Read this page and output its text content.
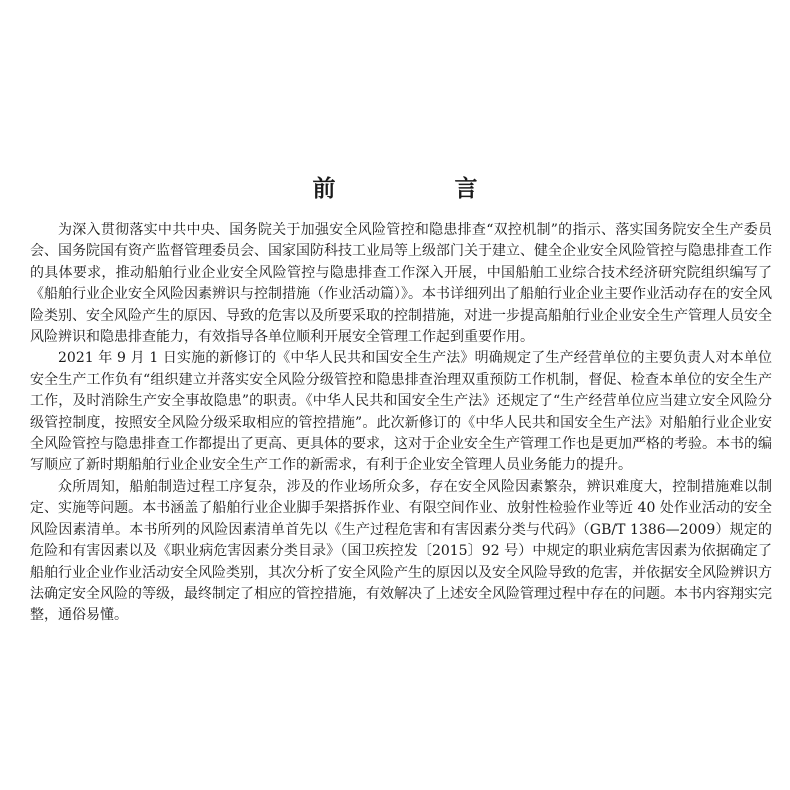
前　言

为深入贯彻落实中共中央、国务院关于加强安全风险管控和隐患排查“双控机制”的指示、落实国务院安全生产委员会、国务院国有资产监督管理委员会、国家国防科技工业局等上级部门关于建立、健全企业安全风险管控与隐患排查工作的具体要求，推动船舶行业企业安全风险管控与隐患排查工作深入开展，中国船舶工业综合技术经济研究院组织编写了《船舶行业企业安全风险因素辨识与控制措施（作业活动篇）》。本书详细列出了船舶行业企业主要作业活动存在的安全风险类别、安全风险产生的原因、导致的危害以及所要采取的控制措施，对进一步提高船舶行业企业安全生产管理人员安全风险辨识和隐患排查能力，有效指导各单位顺利开展安全管理工作起到重要作用。

2021 年 9 月 1 日实施的新修订的《中华人民共和国安全生产法》明确规定了生产经营单位的主要负责人对本单位安全生产工作负有“组织建立并落实安全风险分级管控和隐患排查治理双重预防工作机制，督促、检查本单位的安全生产工作，及时消除生产安全事故隐患”的职责。《中华人民共和国安全生产法》还规定了“生产经营单位应当建立安全风险分级管控制度，按照安全风险分级采取相应的管控措施”。此次新修订的《中华人民共和国安全生产法》对船舶行业企业安全风险管控与隐患排查工作都提出了更高、更具体的要求，这对于企业安全生产管理工作也是更加严格的考验。本书的编写顺应了新时期船舶行业企业安全生产工作的新需求，有利于企业安全管理人员业务能力的提升。

众所周知，船舶制造过程工序复杂，涉及的作业场所众多，存在安全风险因素繁杂，辨识难度大，控制措施难以制定、实施等问题。本书涵盖了船舶行业企业脚手架搭拆作业、有限空间作业、放射性检验作业等近 40 处作业活动的安全风险因素清单。本书所列的风险因素清单首先以《生产过程危害和有害因素分类与代码》（GB/T 1386—2009）规定的危险和有害因素以及《职业病危害因素分类目录》（国卫疾控发〔2015〕92 号）中规定的职业病危害因素为依据确定了船舶行业企业作业活动安全风险类别，其次分析了安全风险产生的原因以及安全风险导致的危害，并依据安全风险辨识方法确定安全风险的等级，最终制定了相应的管控措施，有效解决了上述安全风险管理过程中存在的问题。本书内容翔实完整，通俗易懂。
